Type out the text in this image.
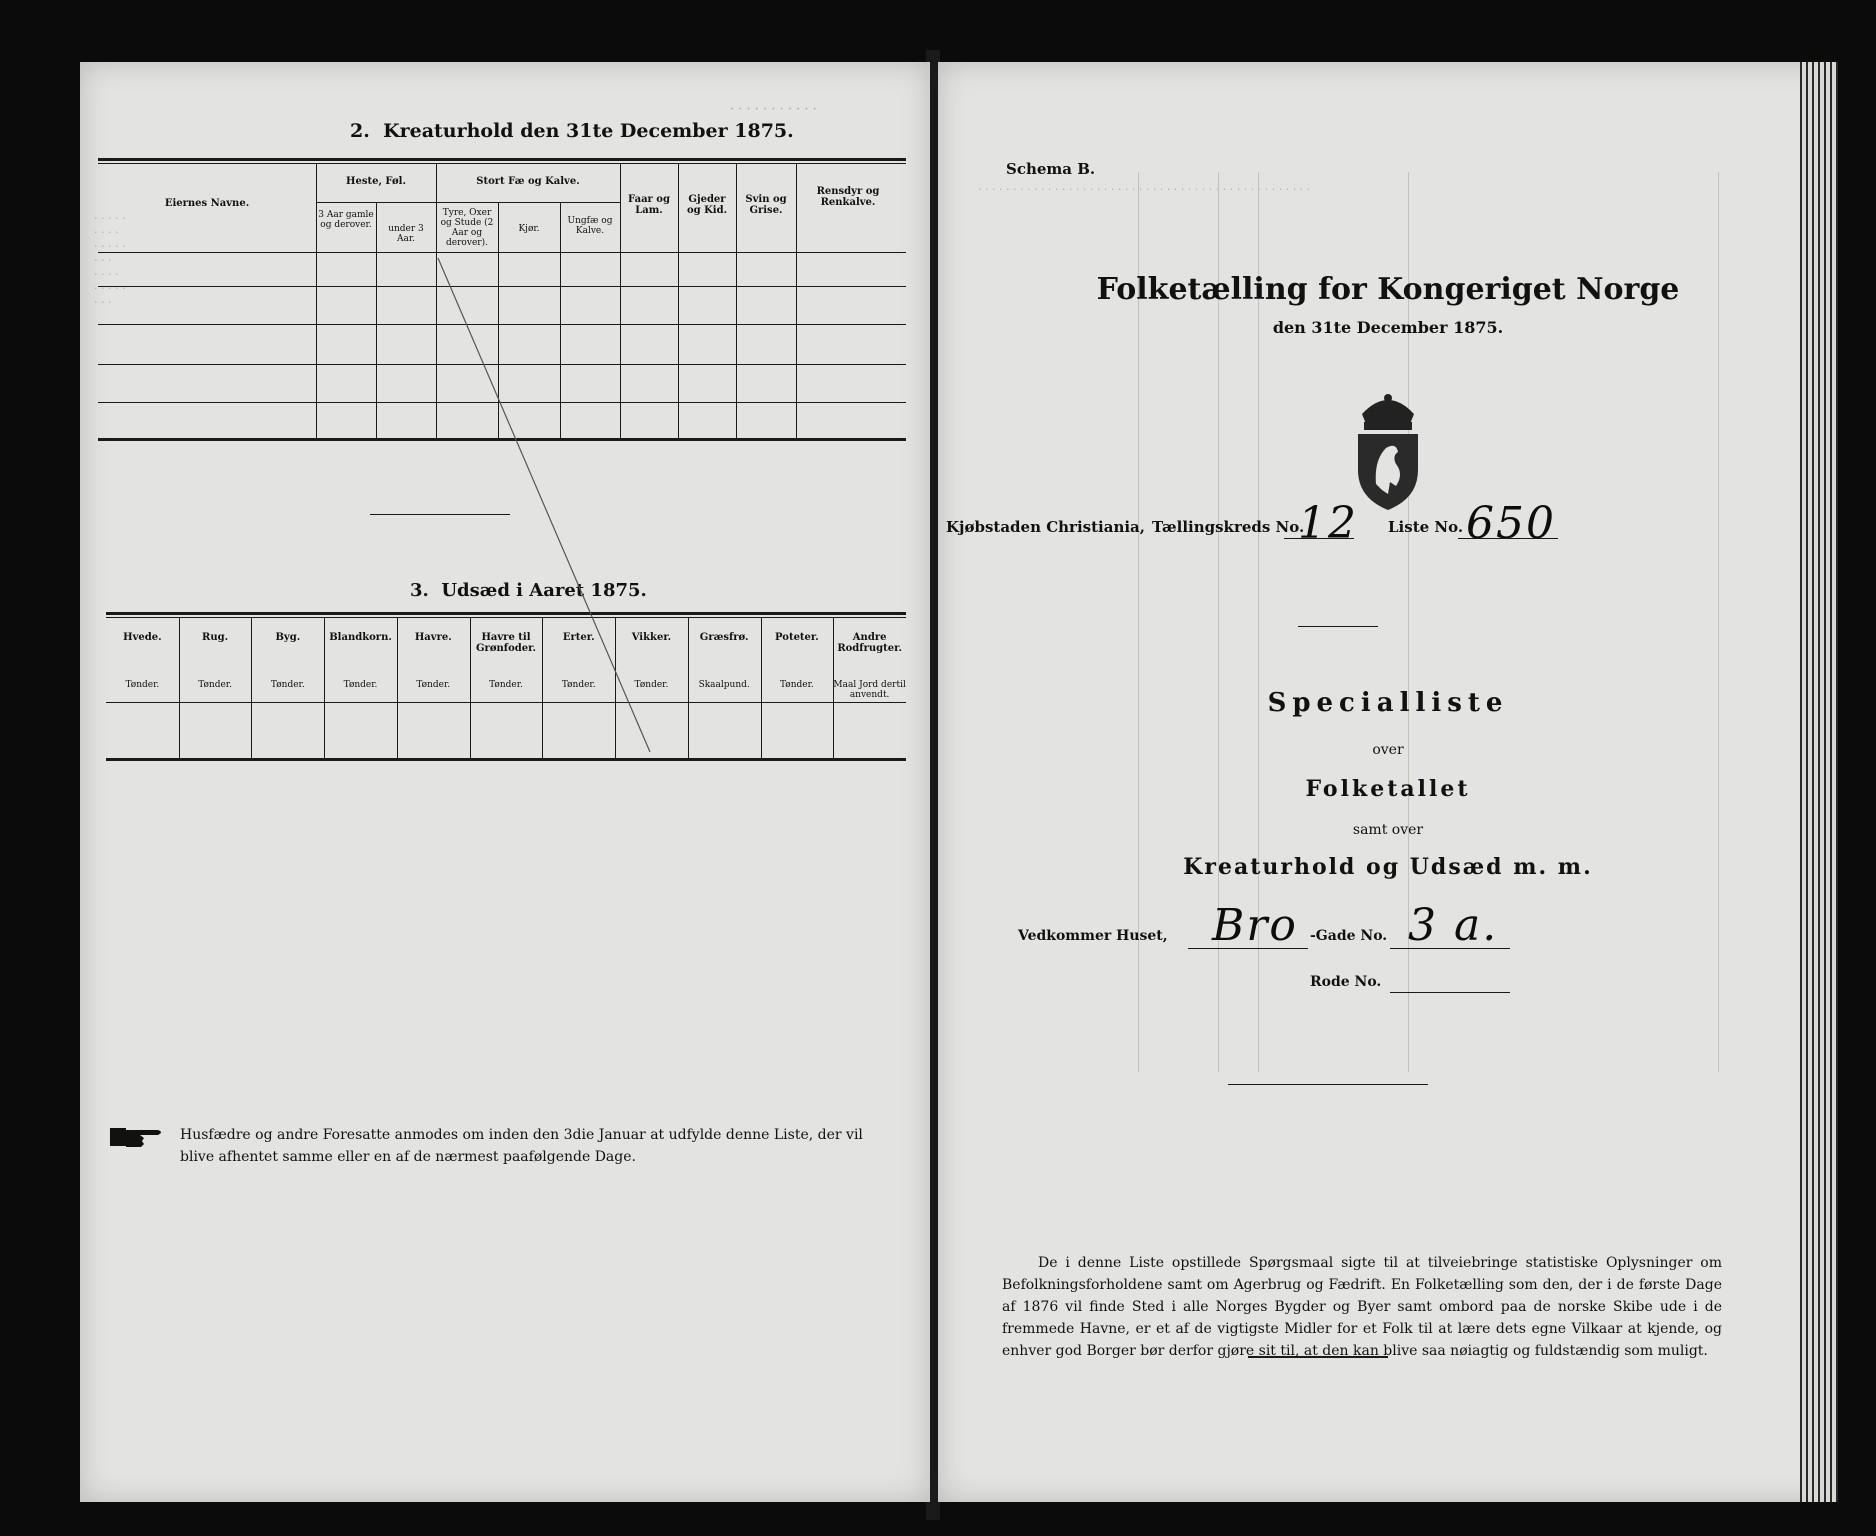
· · · · · · · · · · ·
· · · · ·
· · · ·
· · · · ·
· · ·
· · · ·
· · · · ·
· · ·
2. Kreaturhold den 31te December 1875.
Eiernes Navne.
Heste, Føl.	Stort Fæ og Kalve.
3 Aar gamle og derover.	under 3 Aar.
Tyre, Oxer og Stude (2 Aar og derover).
Kjør.
Ungfæ og Kalve.
Faar og Lam.
Gjeder og Kid.
Svin og Grise.
Rensdyr og Renkalve.
3. Udsæd i Aaret 1875.
Hvede.
Tønder.
Rug.
Tønder.
Byg.
Tønder.
Blandkorn.
Tønder.
Havre.
Tønder.
Havre til Grønfoder.
Tønder.
Erter.
Tønder.
Vikker.
Tønder.
Græsfrø.
Skaalpund.
Poteter.
Tønder.
Andre Rodfrugter.
Maal Jord dertil anvendt.
Husfædre og andre Foresatte anmodes om inden den 3die Januar at udfylde denne Liste, der vil blive afhentet samme eller en af de nærmest paafølgende Dage.
· · · · · · · · · · · · · · · · · · · · · · · · · · · · · · · · · · · · · · · · · · · · · · · ·
Schema B.
Folketælling for Kongeriget Norge
den 31te December 1875.
Kjøbstaden Christiania, Tællingskreds No.
12 Liste No. 650
Specialliste
over
Folketallet
samt over
Kreaturhold og Udsæd m. m.
Vedkommer Huset, Bro -Gade No. 3 a.
Rode No.
De i denne Liste opstillede Spørgsmaal sigte til at tilveiebringe statistiske Oplysninger om Befolkningsforholdene samt om Agerbrug og Fædrift. En Folketælling som den, der i de første Dage af 1876 vil finde Sted i alle Norges Bygder og Byer samt ombord paa de norske Skibe ude i de fremmede Havne, er et af de vigtigste Midler for et Folk til at lære dets egne Vilkaar at kjende, og enhver god Borger bør derfor gjøre sit til, at den kan blive saa nøiagtig og fuldstændig som muligt.
